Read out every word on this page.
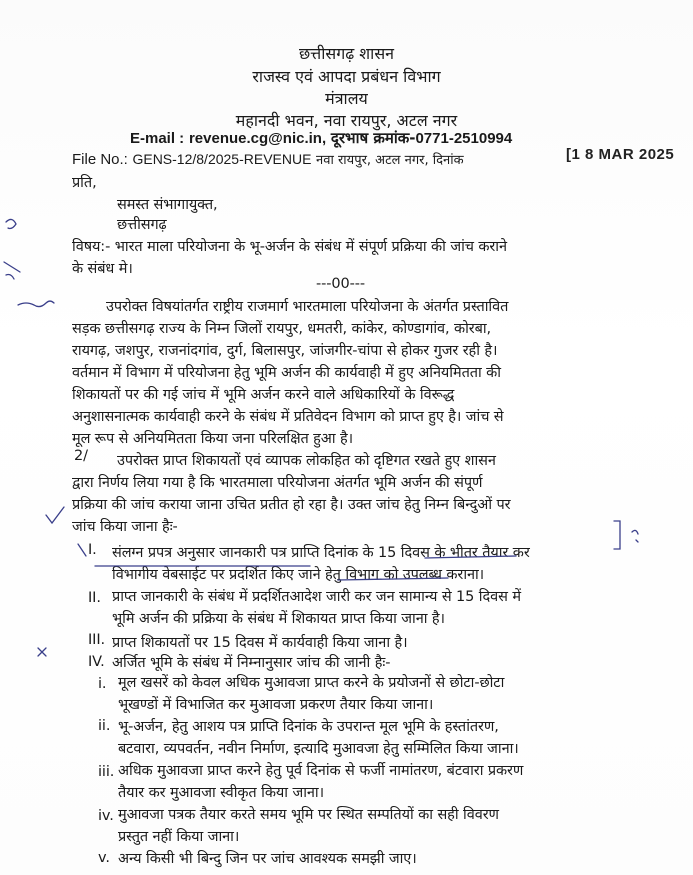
छत्तीसगढ़ शासन
राजस्व एवं आपदा प्रबंधन विभाग
मंत्रालय
महानदी भवन, नवा रायपुर, अटल नगर
E-mail : revenue.cg@nic.in, दूरभाष क्रमांक-0771-2510994
File No.: GENS-12/8/2025-REVENUE नवा रायपुर, अटल नगर, दिनांक	[1 8 MAR 2025
प्रति,
समस्त संभागायुक्त,
छत्तीसगढ़
विषय:- भारत माला परियोजना के भू-अर्जन के संबंध में संपूर्ण प्रक्रिया की जांच कराने
के संबंध मे।
---00---
उपरोक्त विषयांतर्गत राष्ट्रीय राजमार्ग भारतमाला परियोजना के अंतर्गत प्रस्तावित
सड़क छत्तीसगढ़ राज्य के निम्न जिलों रायपुर, धमतरी, कांकेर, कोण्डागांव, कोरबा,
रायगढ़, जशपुर, राजनांदगांव, दुर्ग, बिलासपुर, जांजगीर-चांपा से होकर गुजर रही है।
वर्तमान में विभाग में परियोजना हेतु भूमि अर्जन की कार्यवाही में हुए अनियमितता की
शिकायतों पर की गई जांच में भूमि अर्जन करने वाले अधिकारियों के विरूद्ध
अनुशासनात्मक कार्यवाही करने के संबंध में प्रतिवेदन विभाग को प्राप्त हुए है। जांच से
मूल रूप से अनियमितता किया जना परिलक्षित हुआ है।
2/ उपरोक्त प्राप्त शिकायतों एवं व्यापक लोकहित को दृष्टिगत रखते हुए शासन
द्वारा निर्णय लिया गया है कि भारतमाला परियोजना अंतर्गत भूमि अर्जन की संपूर्ण
प्रक्रिया की जांच कराया जाना उचित प्रतीत हो रहा है। उक्त जांच हेतु निम्न बिन्दुओं पर
जांच किया जाना हैः-
I. संलग्न प्रपत्र अनुसार जानकारी पत्र प्राप्ति दिनांक के 15 दिवस के भीतर तैयार कर
विभागीय वेबसाईट पर प्रदर्शित किए जाने हेतु विभाग को उपलब्ध कराना।
II. प्राप्त जानकारी के संबंध में प्रदर्शितआदेश जारी कर जन सामान्य से 15 दिवस में
भूमि अर्जन की प्रक्रिया के संबंध में शिकायत प्राप्त किया जाना है।
III. प्राप्त शिकायतों पर 15 दिवस में कार्यवाही किया जाना है।
IV. अर्जित भूमि के संबंध में निम्नानुसार जांच की जानी हैः-
i. मूल खसरें को केवल अधिक मुआवजा प्राप्त करने के प्रयोजनों से छोटा-छोटा
भूखण्डों में विभाजित कर मुआवजा प्रकरण तैयार किया जाना।
ii. भू-अर्जन, हेतु आशय पत्र प्राप्ति दिनांक के उपरान्त मूल भूमि के हस्तांतरण,
बटवारा, व्यपवर्तन, नवीन निर्माण, इत्यादि मुआवजा हेतु सम्मिलित किया जाना।
iii. अधिक मुआवजा प्राप्त करने हेतु पूर्व दिनांक से फर्जी नामांतरण, बंटवारा प्रकरण
तैयार कर मुआवजा स्वीकृत किया जाना।
iv. मुआवजा पत्रक तैयार करते समय भूमि पर स्थित सम्पतियों का सही विवरण
प्रस्तुत नहीं किया जाना।
v. अन्य किसी भी बिन्दु जिन पर जांच आवश्यक समझी जाए।
